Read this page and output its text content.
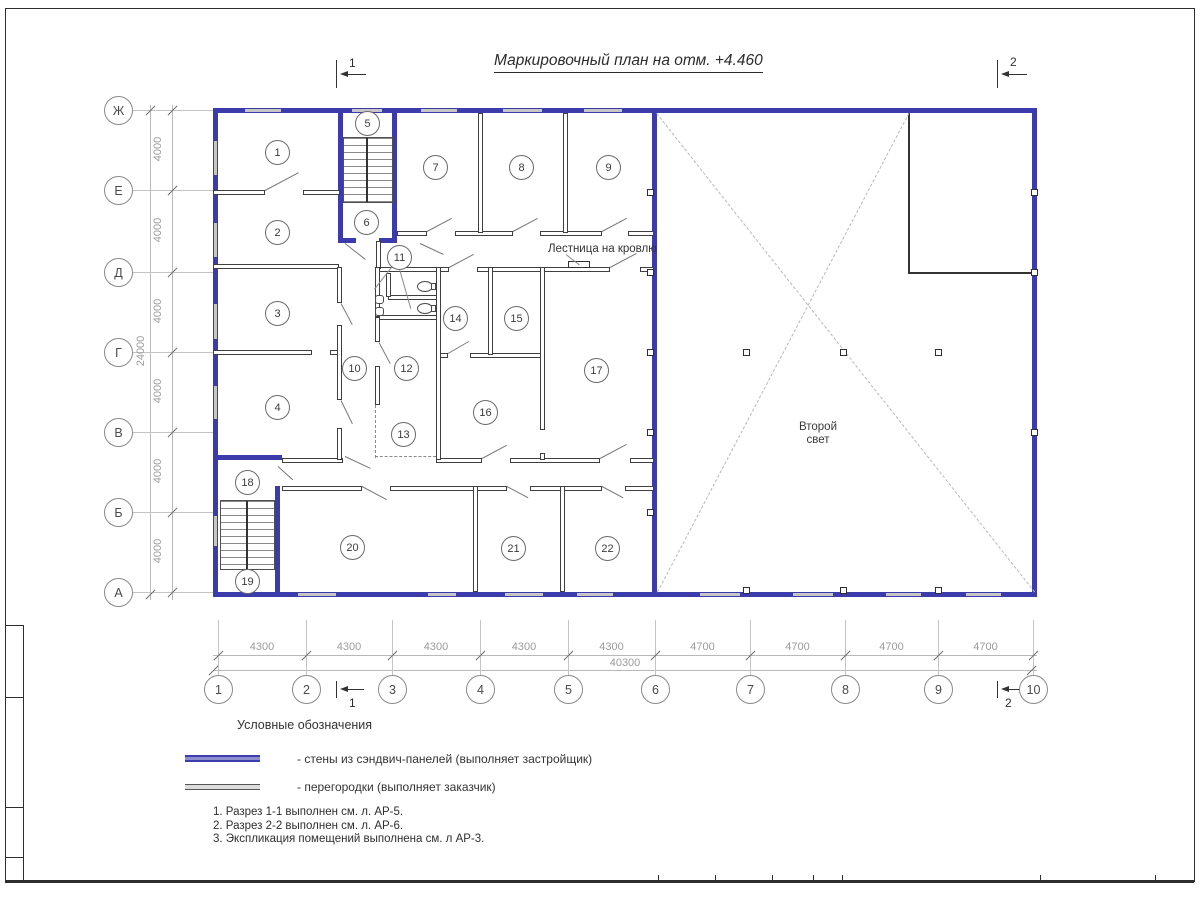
Маркировочный план на отм. +4.460
1	2
1	2
1
2
3
4
5
6
7	8	9
10
11
12
13
14	15
16
17
18
19
20	21	22
Ж
4000
Е
4000
Д
4000
Г
4000
В
4000
Б
4000
А
24000
1
4300
2
4300
3
4300
4
4300
5
4300
6
4700
7
4700
8
4700
9
4700
10
40300
Лестница на кровлю
Второй
свет
Условные обозначения
- стены из сэндвич-панелей (выполняет застройщик)
- перегородки (выполняет заказчик)
1. Разрез 1-1 выполнен см. л. АР-5.
2. Разрез 2-2 выполнен см. л. АР-6.
3. Экспликация помещений выполнена см. л АР-3.
